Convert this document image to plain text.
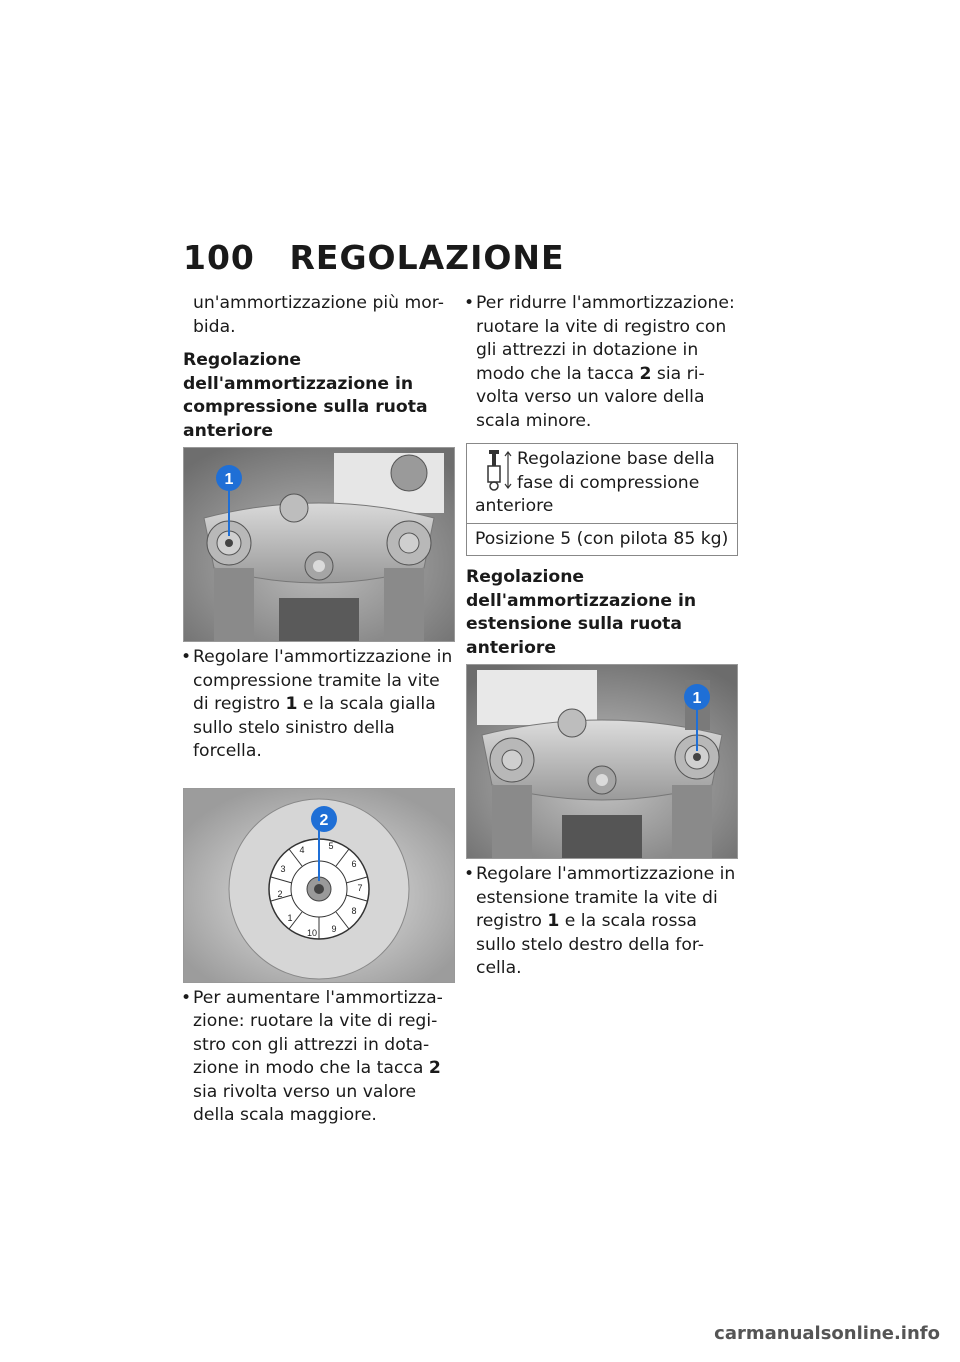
100 REGOLAZIONE

un'ammortizzazione più mor-bida.

Regolazione dell'ammortizzazione in compressione sulla ruota anteriore
1
• Regolare l'ammortizzazione in compressione tramite la vite di registro 1 e la scala gialla sullo stelo sinistro della forcella.
5
6
7
8
9
10
1
2
3
4
2
• Per aumentare l'ammortizza-zione: ruotare la vite di regi-stro con gli attrezzi in dota-zione in modo che la tacca 2 sia rivolta verso un valore della scala maggiore.
• Per ridurre l'ammortizzazione: ruotare la vite di registro con gli attrezzi in dotazione in modo che la tacca 2 sia ri-volta verso un valore della scala minore.
Regolazione base della fase di compressione anteriore
Posizione 5 (con pilota 85 kg)
Regolazione dell'ammortizzazione in estensione sulla ruota anteriore
1
• Regolare l'ammortizzazione in estensione tramite la vite di registro 1 e la scala rossa sullo stelo destro della for-cella.
carmanualsonline.info
